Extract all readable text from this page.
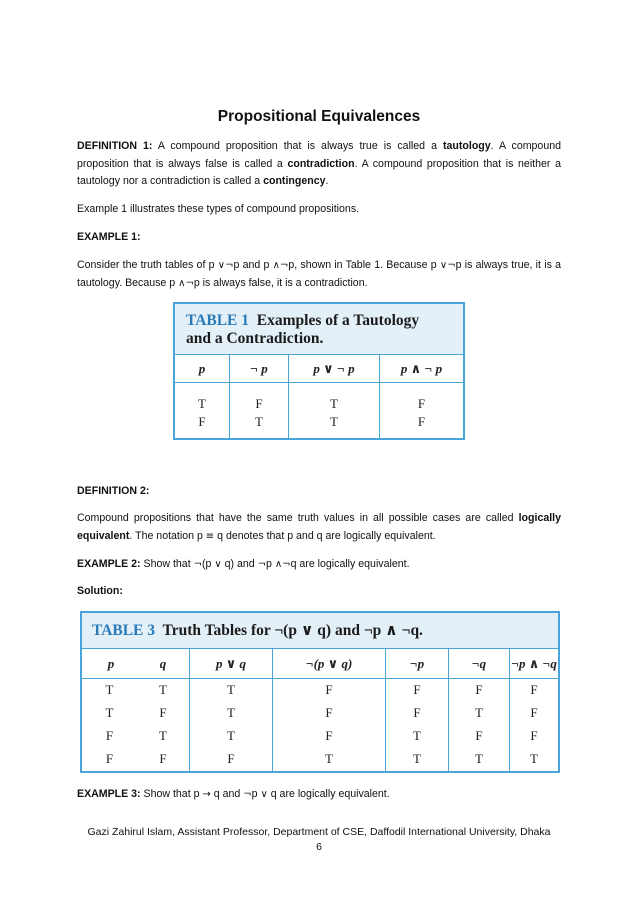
Propositional Equivalences
DEFINITION 1: A compound proposition that is always true is called a tautology. A compound proposition that is always false is called a contradiction. A compound proposition that is neither a tautology nor a contradiction is called a contingency.
Example 1 illustrates these types of compound propositions.
EXAMPLE 1:
Consider the truth tables of p ∨¬p and p ∧¬p, shown in Table 1. Because p ∨¬p is always true, it is a tautology. Because p ∧¬p is always false, it is a contradiction.
TABLE 1 Examples of a Tautology
and a Contradiction.
p	¬ p	p ∨ ¬ p	p ∧ ¬ p
T	F	T	F
F	T	T	F
DEFINITION 2:
Compound propositions that have the same truth values in all possible cases are called logically equivalent. The notation p ≡ q denotes that p and q are logically equivalent.
EXAMPLE 2: Show that ¬(p ∨ q) and ¬p ∧¬q are logically equivalent.
Solution:
TABLE 3 Truth Tables for ¬(p ∨ q) and ¬p ∧ ¬q.
p	q	p ∨ q	¬(p ∨ q)	¬p	¬q	¬p ∧ ¬q
T	T	T	F	F	F	F
T	F	T	F	F	T	F
F	T	T	F	T	F	F
F	F	F	T	T	T	T
EXAMPLE 3: Show that p → q and ¬p ∨ q are logically equivalent.
Gazi Zahirul Islam, Assistant Professor, Department of CSE, Daffodil International University, Dhaka
6
